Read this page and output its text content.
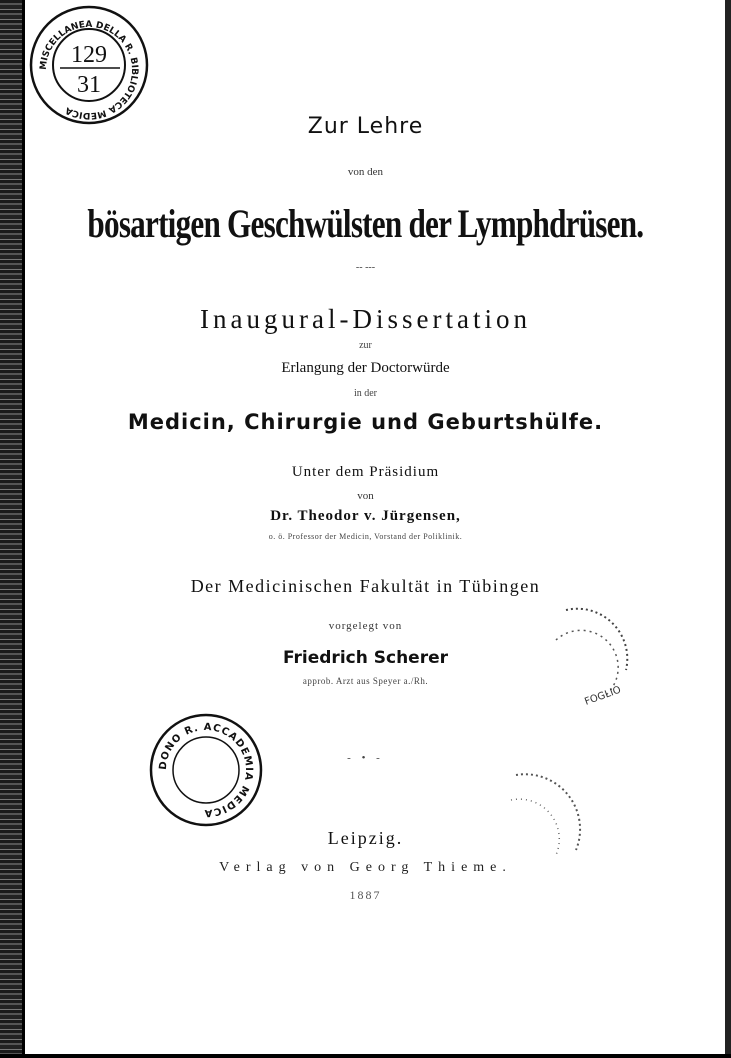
MISCELLANEA DELLA R. BIBLIOTECA MEDICA
129
31
Zur Lehre
von den
bösartigen Geschwülsten der Lymphdrüsen.
-- ---
Inaugural-Dissertation
zur
Erlangung der Doctorwürde
in der
Medicin, Chirurgie und Geburtshülfe.
Unter dem Präsidium
von
Dr. Theodor v. Jürgensen,
o. ö. Professor der Medicin, Vorstand der Poliklinik.
Der Medicinischen Fakultät in Tübingen
vorgelegt von
Friedrich Scherer
approb. Arzt aus Speyer a./Rh.
- • -
Leipzig.
Verlag von Georg Thieme.
1887
DONO R. ACCADEMIA MEDICA
FOGLIO
